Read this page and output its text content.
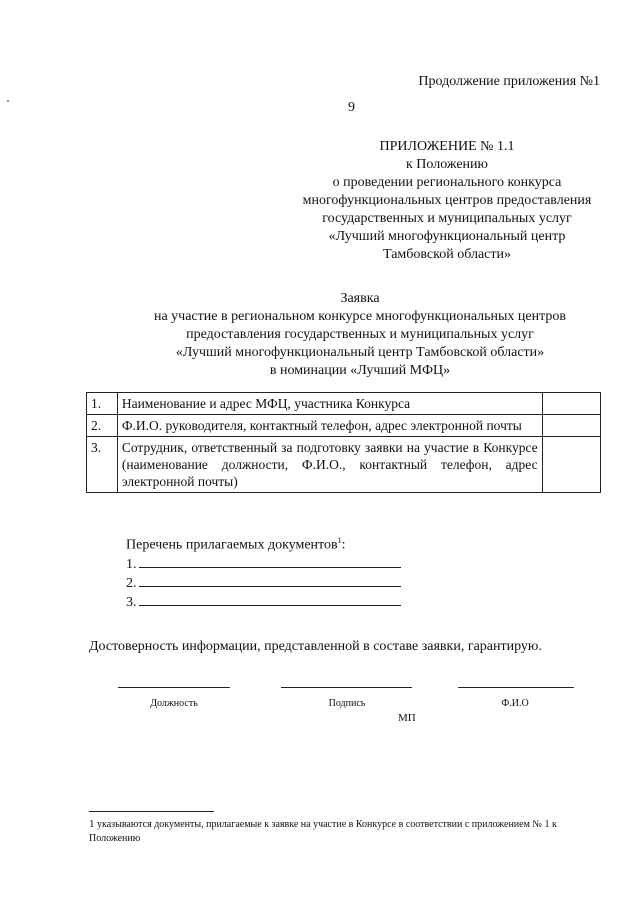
Продолжение приложения №1
9
ПРИЛОЖЕНИЕ № 1.1
к Положению
о проведении регионального конкурса
многофункциональных центров предоставления
государственных и муниципальных услуг
«Лучший многофункциональный центр
Тамбовской области»
Заявка
на участие в региональном конкурсе многофункциональных центров
предоставления государственных и муниципальных услуг
«Лучший многофункциональный центр Тамбовской области»
в номинации «Лучший МФЦ»
1.	Наименование и адрес МФЦ, участника Конкурса	
2.	Ф.И.О. руководителя, контактный телефон, адрес электронной почты	
3.	Сотрудник, ответственный за подготовку заявки на участие в Конкурсе (наименование должности, Ф.И.О., контактный телефон, адрес электронной почты)	
Перечень прилагаемых документов$^1$:
1.
2.
3.
Достоверность информации, представленной в составе заявки, гарантирую.
Должность	Подпись	Ф.И.О
МП
1 указываются документы, прилагаемые к заявке на участие в Конкурсе в соответствии с приложением № 1 к Положению
